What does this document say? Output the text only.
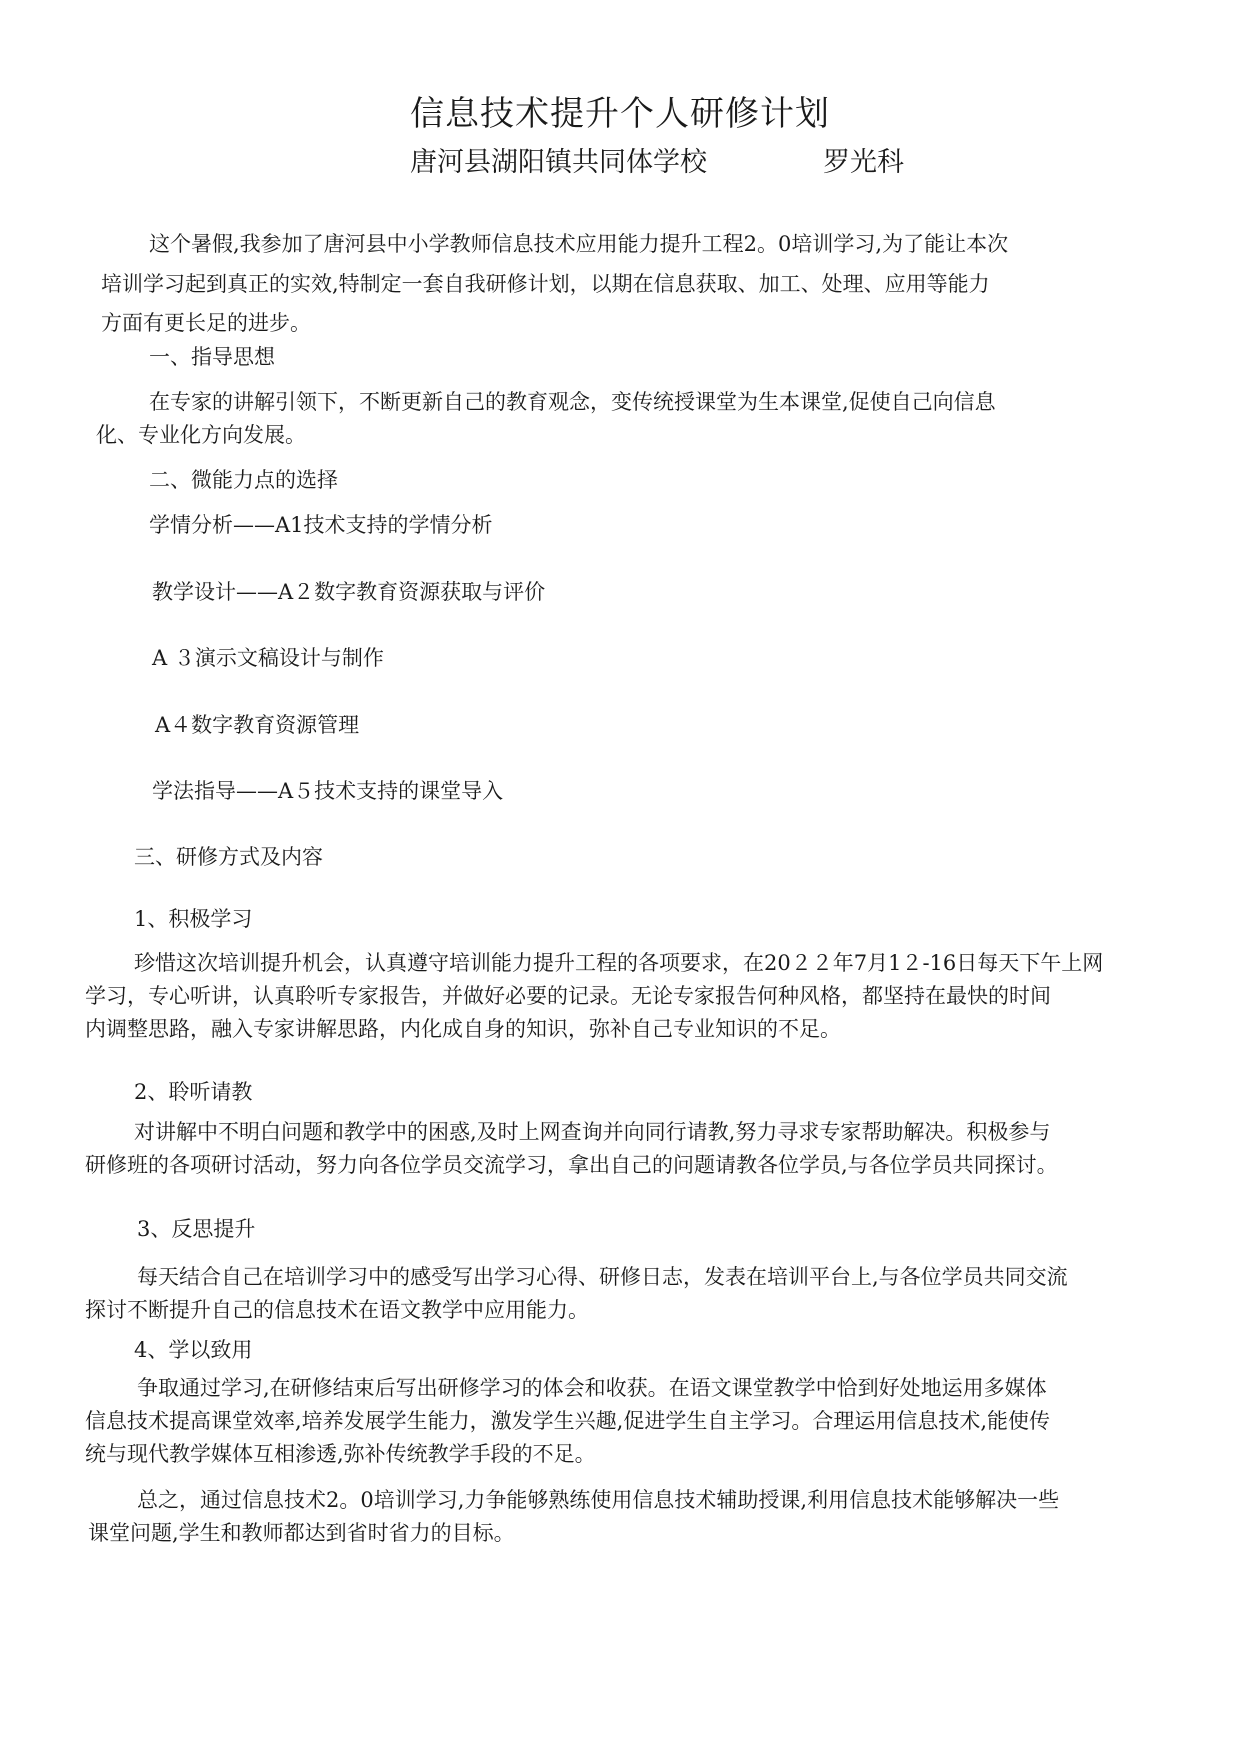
信息技术提升个人研修计划
唐河县湖阳镇共同体学校	罗光科
这个暑假,我参加了唐河县中小学教师信息技术应用能力提升工程2。0培训学习,为了能让本次
培训学习起到真正的实效,特制定一套自我研修计划，以期在信息获取、加工、处理、应用等能力
方面有更长足的进步。
一、指导思想
在专家的讲解引领下，不断更新自己的教育观念，变传统授课堂为生本课堂,促使自己向信息
化、专业化方向发展。
二、微能力点的选择
学情分析——A1技术支持的学情分析
教学设计——A２数字教育资源获取与评价
A ３演示文稿设计与制作
A４数字教育资源管理
学法指导——A５技术支持的课堂导入
三、研修方式及内容
1、积极学习
珍惜这次培训提升机会，认真遵守培训能力提升工程的各项要求，在20２２年7月1２-16日每天下午上网
学习，专心听讲，认真聆听专家报告，并做好必要的记录。无论专家报告何种风格，都坚持在最快的时间
内调整思路，融入专家讲解思路，内化成自身的知识，弥补自己专业知识的不足。
2、聆听请教
对讲解中不明白问题和教学中的困惑,及时上网查询并向同行请教,努力寻求专家帮助解决。积极参与
研修班的各项研讨活动，努力向各位学员交流学习，拿出自己的问题请教各位学员,与各位学员共同探讨。
3、反思提升
每天结合自己在培训学习中的感受写出学习心得、研修日志，发表在培训平台上,与各位学员共同交流
探讨不断提升自己的信息技术在语文教学中应用能力。
4、学以致用
争取通过学习,在研修结束后写出研修学习的体会和收获。在语文课堂教学中恰到好处地运用多媒体
信息技术提高课堂效率,培养发展学生能力，激发学生兴趣,促进学生自主学习。合理运用信息技术,能使传
统与现代教学媒体互相渗透,弥补传统教学手段的不足。
总之，通过信息技术2。0培训学习,力争能够熟练使用信息技术辅助授课,利用信息技术能够解决一些
课堂问题,学生和教师都达到省时省力的目标。
